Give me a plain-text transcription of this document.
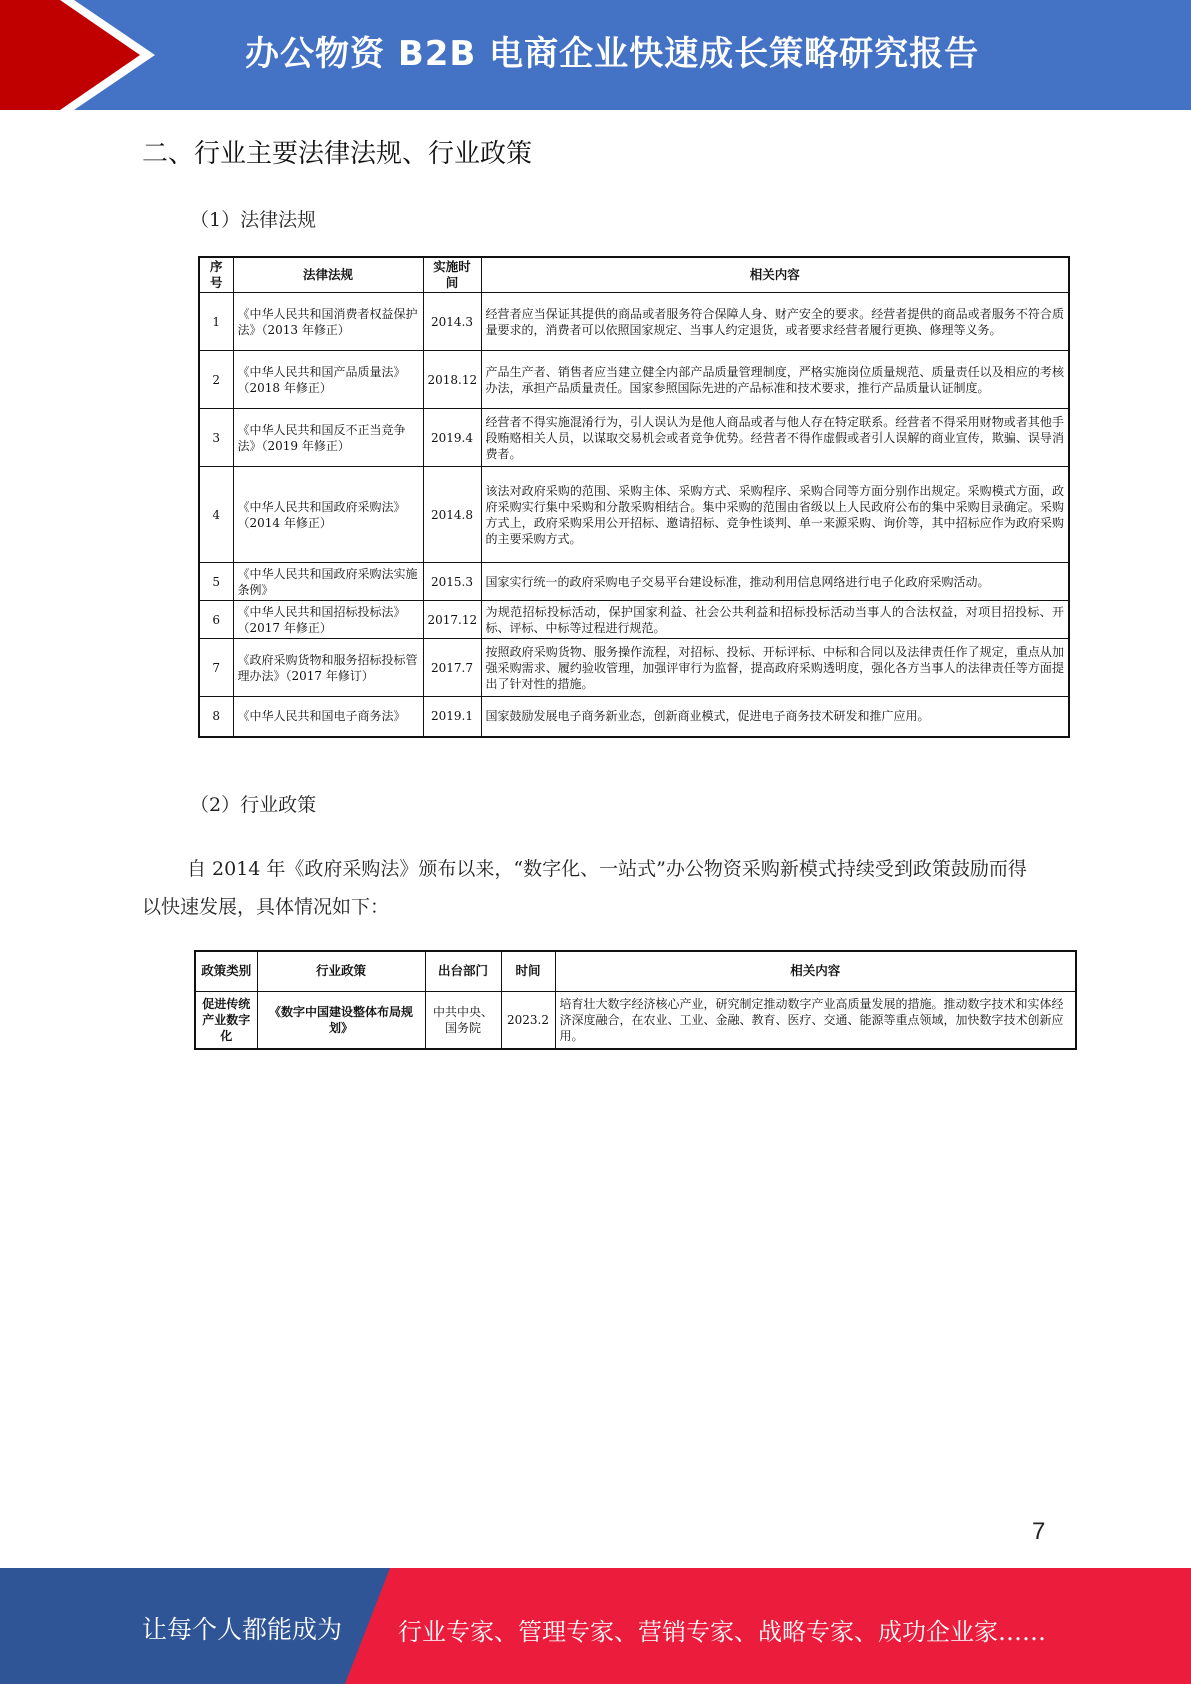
办公物资 B2B 电商企业快速成长策略研究报告
二、行业主要法律法规、行业政策
（1）法律法规
序号	法律法规	实施时间	相关内容
1	《中华人民共和国消费者权益保护法》（2013 年修正）	2014.3	经营者应当保证其提供的商品或者服务符合保障人身、财产安全的要求。经营者提供的商品或者服务不符合质量要求的，消费者可以依照国家规定、当事人约定退货，或者要求经营者履行更换、修理等义务。
2	《中华人民共和国产品质量法》（2018 年修正）	2018.12	产品生产者、销售者应当建立健全内部产品质量管理制度，严格实施岗位质量规范、质量责任以及相应的考核办法，承担产品质量责任。国家参照国际先进的产品标准和技术要求，推行产品质量认证制度。
3	《中华人民共和国反不正当竞争法》（2019 年修正）	2019.4	经营者不得实施混淆行为，引人误认为是他人商品或者与他人存在特定联系。经营者不得采用财物或者其他手段贿赂相关人员，以谋取交易机会或者竞争优势。经营者不得作虚假或者引人误解的商业宣传，欺骗、误导消费者。
4	《中华人民共和国政府采购法》（2014 年修正）	2014.8	该法对政府采购的范围、采购主体、采购方式、采购程序、采购合同等方面分别作出规定。采购模式方面，政府采购实行集中采购和分散采购相结合。集中采购的范围由省级以上人民政府公布的集中采购目录确定。采购方式上，政府采购采用公开招标、邀请招标、竞争性谈判、单一来源采购、询价等，其中招标应作为政府采购的主要采购方式。
5	《中华人民共和国政府采购法实施条例》	2015.3	国家实行统一的政府采购电子交易平台建设标准，推动利用信息网络进行电子化政府采购活动。
6	《中华人民共和国招标投标法》（2017 年修正）	2017.12	为规范招标投标活动，保护国家利益、社会公共利益和招标投标活动当事人的合法权益，对项目招投标、开标、评标、中标等过程进行规范。
7	《政府采购货物和服务招标投标管理办法》（2017 年修订）	2017.7	按照政府采购货物、服务操作流程，对招标、投标、开标评标、中标和合同以及法律责任作了规定，重点从加强采购需求、履约验收管理，加强评审行为监督，提高政府采购透明度，强化各方当事人的法律责任等方面提出了针对性的措施。
8	《中华人民共和国电子商务法》	2019.1	国家鼓励发展电子商务新业态，创新商业模式，促进电子商务技术研发和推广应用。
（2）行业政策
自 2014 年《政府采购法》颁布以来，“数字化、一站式”办公物资采购新模式持续受到政策鼓励而得以快速发展，具体情况如下：
政策类别	行业政策	出台部门	时间	相关内容
促进传统产业数字化	《数字中国建设整体布局规划》	中共中央、国务院	2023.2	培育壮大数字经济核心产业，研究制定推动数字产业高质量发展的措施。推动数字技术和实体经济深度融合，在农业、工业、金融、教育、医疗、交通、能源等重点领域，加快数字技术创新应用。
7
让每个人都能成为 行业专家、管理专家、营销专家、战略专家、成功企业家……
